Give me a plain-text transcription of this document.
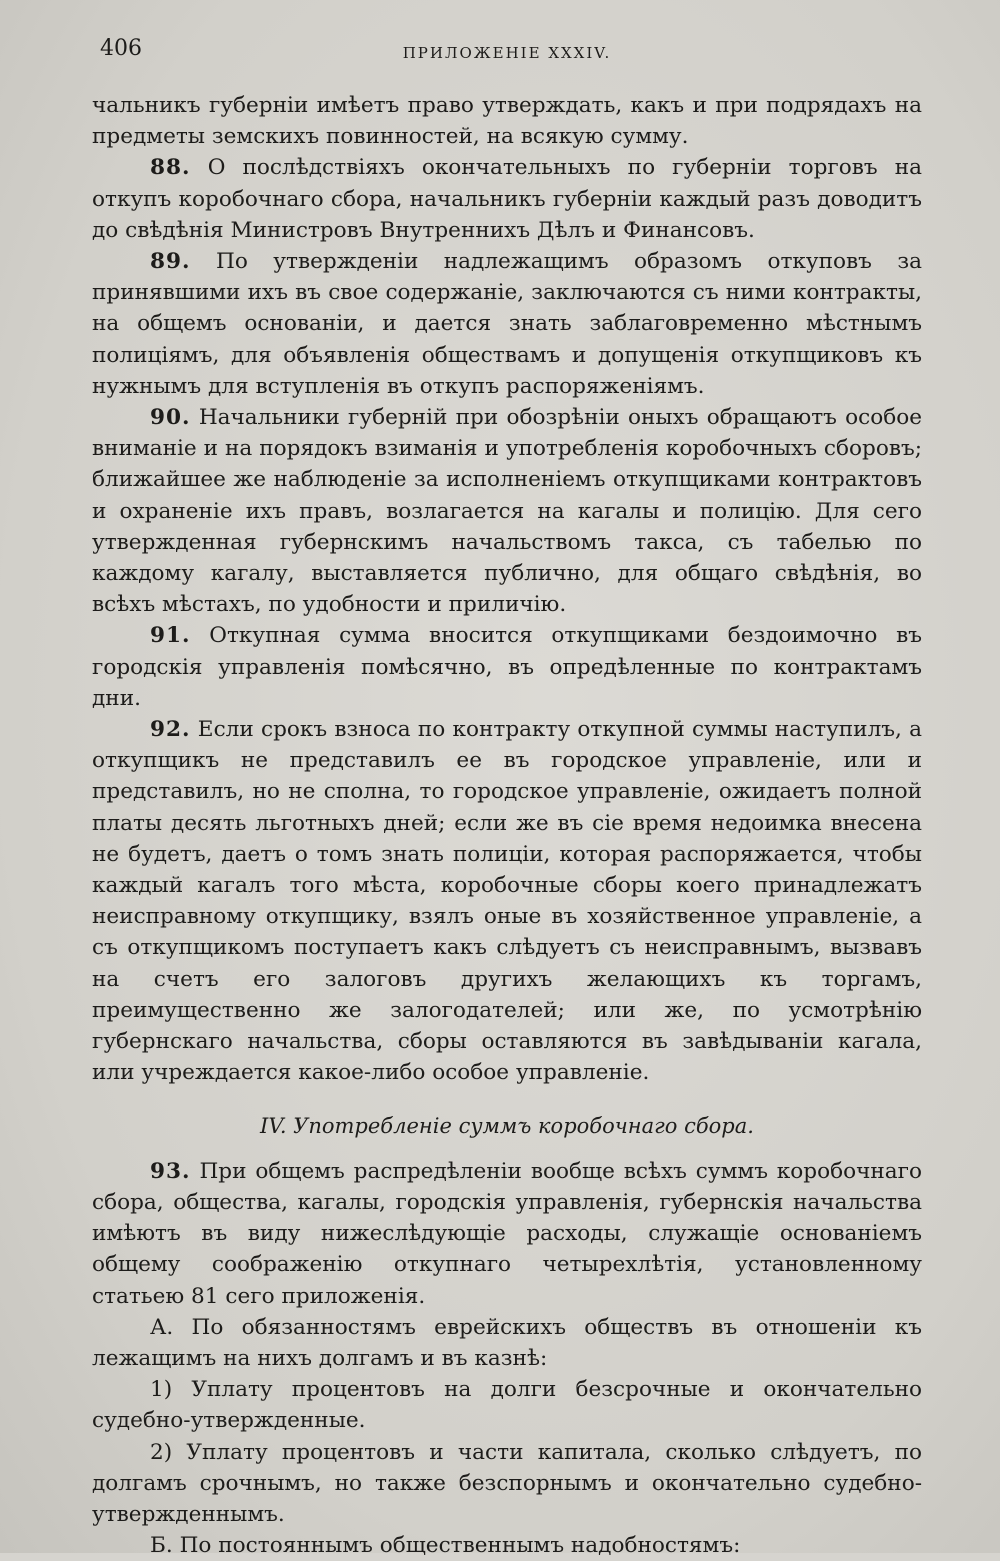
406	ПРИЛОЖЕНІЕ XXXIV.

чальникъ губерніи имѣетъ право утверждать, какъ и при подрядахъ на предметы земскихъ повинностей, на всякую сумму.

88. О послѣдствіяхъ окончательныхъ по губерніи торговъ на откупъ коробочнаго сбора, начальникъ губерніи каждый разъ доводитъ до свѣдѣнія Министровъ Внутреннихъ Дѣлъ и Финансовъ.

89. По утвержденіи надлежащимъ образомъ откуповъ за принявшими ихъ въ свое содержаніе, заключаются съ ними контракты, на общемъ основаніи, и дается знать заблаговременно мѣстнымъ полиціямъ, для объявленія обществамъ и допущенія откупщиковъ къ нужнымъ для вступленія въ откупъ распоряженіямъ.

90. Начальники губерній при обозрѣніи оныхъ обращаютъ особое вниманіе и на порядокъ взиманія и употребленія коробочныхъ сборовъ; ближайшее же наблюденіе за исполненіемъ откупщиками контрактовъ и охраненіе ихъ правъ, возлагается на кагалы и полицію. Для сего утвержденная губернскимъ начальствомъ такса, съ табелью по каждому кагалу, выставляется публично, для общаго свѣдѣнія, во всѣхъ мѣстахъ, по удобности и приличію.

91. Откупная сумма вносится откупщиками бездоимочно въ городскія управленія помѣсячно, въ опредѣленные по контрактамъ дни.

92. Если срокъ взноса по контракту откупной суммы наступилъ, а откупщикъ не представилъ ее въ городское управленіе, или и представилъ, но не сполна, то городское управленіе, ожидаетъ полной платы десять льготныхъ дней; если же въ сіе время недоимка внесена не будетъ, даетъ о томъ знать полиціи, которая распоряжается, чтобы каждый кагалъ того мѣста, коробочные сборы коего принадлежатъ неисправному откупщику, взялъ оные въ хозяйственное управленіе, а съ откупщикомъ поступаетъ какъ слѣдуетъ съ неисправнымъ, вызвавъ на счетъ его залоговъ другихъ желающихъ къ торгамъ, преимущественно же залогодателей; или же, по усмотрѣнію губернскаго начальства, сборы оставляются въ завѣдываніи кагала, или учреждается какое-либо особое управленіе.

IV. Употребленіе суммъ коробочнаго сбора.

93. При общемъ распредѣленіи вообще всѣхъ суммъ коробочнаго сбора, общества, кагалы, городскія управленія, губернскія начальства имѣютъ въ виду нижеслѣдующіе расходы, служащіе основаніемъ общему соображенію откупнаго четырехлѣтія, установленному статьею 81 сего приложенія.

А. По обязанностямъ еврейскихъ обществъ въ отношеніи къ лежащимъ на нихъ долгамъ и въ казнѣ:

1) Уплату процентовъ на долги безсрочные и окончательно судебно-утвержденные.

2) Уплату процентовъ и части капитала, сколько слѣдуетъ, по долгамъ срочнымъ, но также безспорнымъ и окончательно судебно-утвержденнымъ.

Б. По постояннымъ общественнымъ надобностямъ:
